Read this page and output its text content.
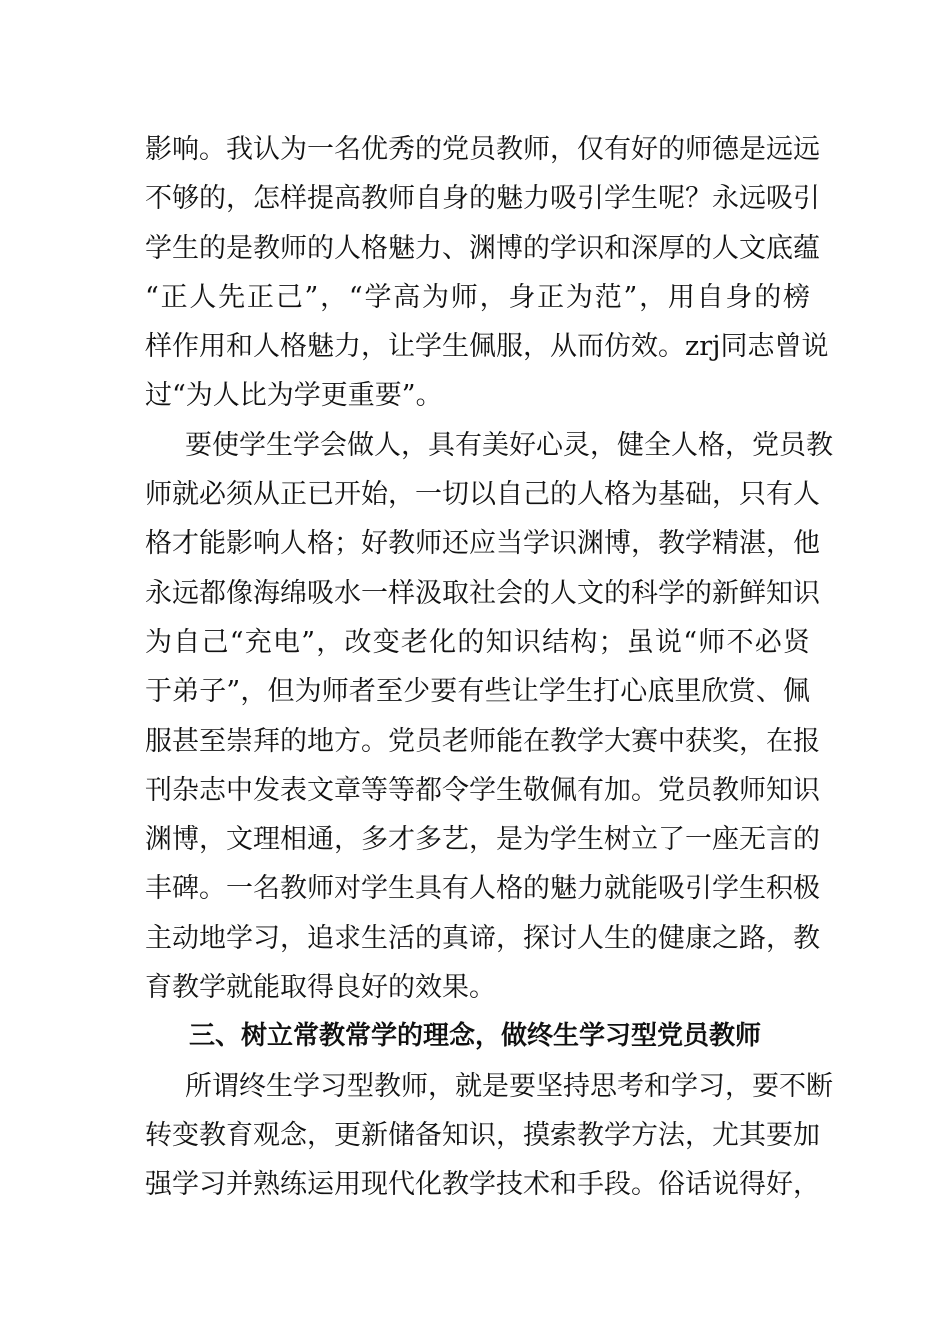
影响。我认为一名优秀的党员教师，仅有好的师德是远远
不够的，怎样提高教师自身的魅力吸引学生呢？永远吸引
学生的是教师的人格魅力、渊博的学识和深厚的人文底蕴
“正人先正己”，“学高为师，身正为范”，用自身的榜
样作用和人格魅力，让学生佩服，从而仿效。zrj同志曾说
过“为人比为学更重要”。
要使学生学会做人，具有美好心灵，健全人格，党员教
师就必须从正已开始，一切以自己的人格为基础，只有人
格才能影响人格；好教师还应当学识渊博，教学精湛，他
永远都像海绵吸水一样汲取社会的人文的科学的新鲜知识
为自己“充电”，改变老化的知识结构；虽说“师不必贤
于弟子”，但为师者至少要有些让学生打心底里欣赏、佩
服甚至崇拜的地方。党员老师能在教学大赛中获奖，在报
刊杂志中发表文章等等都令学生敬佩有加。党员教师知识
渊博，文理相通，多才多艺，是为学生树立了一座无言的
丰碑。一名教师对学生具有人格的魅力就能吸引学生积极
主动地学习，追求生活的真谛，探讨人生的健康之路，教
育教学就能取得良好的效果。
三、树立常教常学的理念，做终生学习型党员教师
所谓终生学习型教师，就是要坚持思考和学习，要不断
转变教育观念，更新储备知识，摸索教学方法，尤其要加
强学习并熟练运用现代化教学技术和手段。俗话说得好，
